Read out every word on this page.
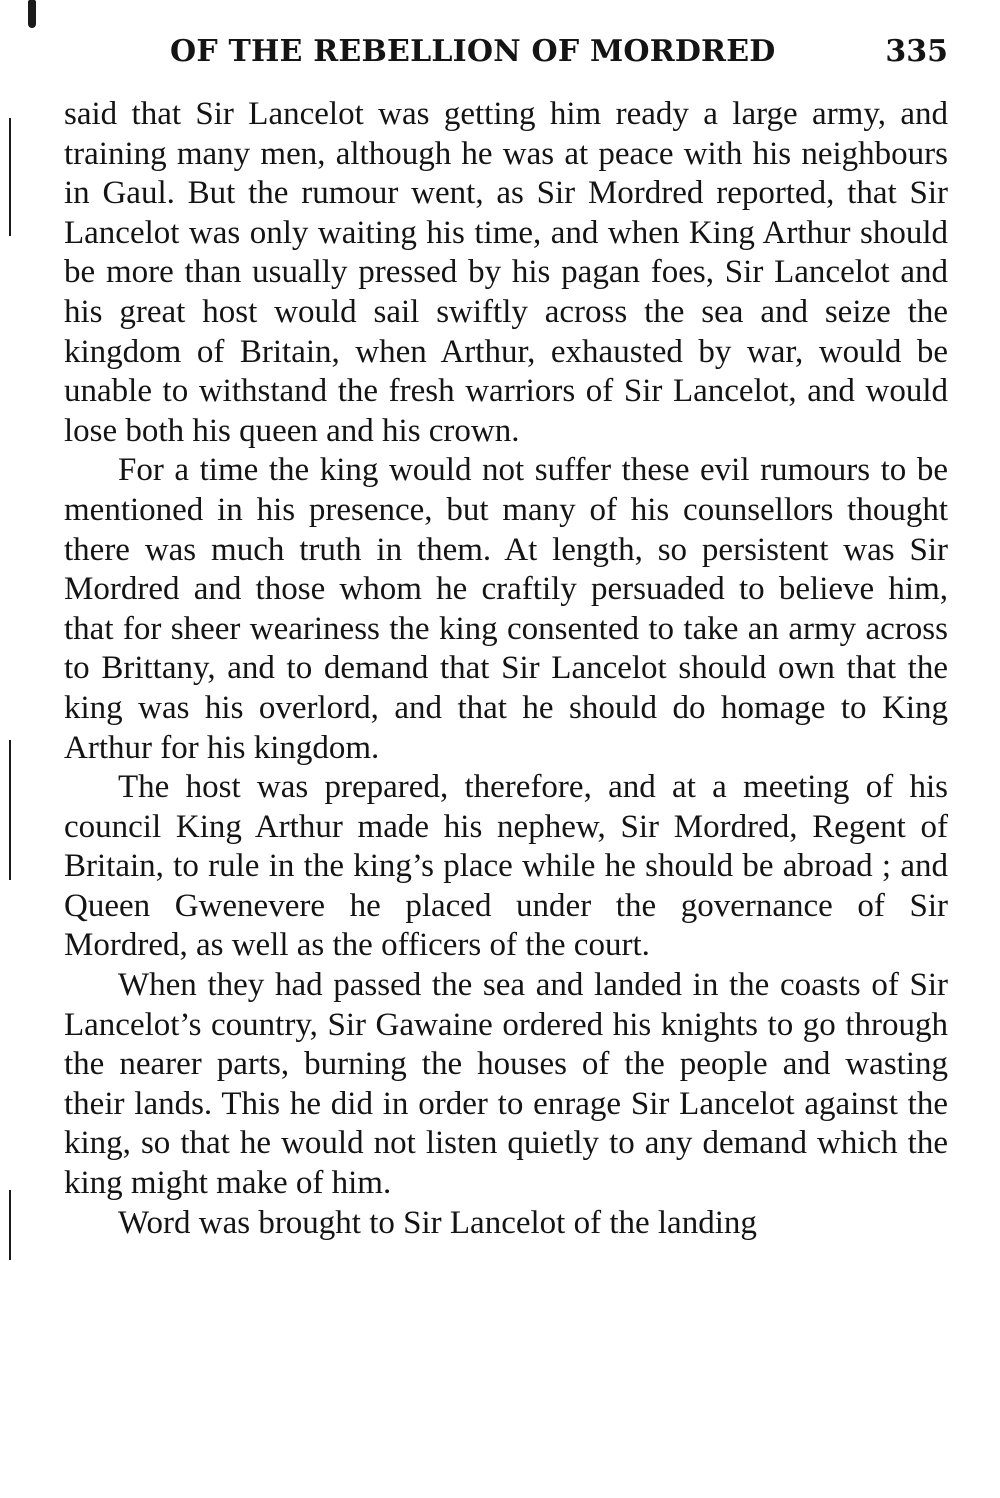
OF THE REBELLION OF MORDRED	335

said that Sir Lancelot was getting him ready a large army, and training many men, although he was at peace with his neighbours in Gaul. But the rumour went, as Sir Mordred reported, that Sir Lancelot was only waiting his time, and when King Arthur should be more than usually pressed by his pagan foes, Sir Lancelot and his great host would sail swiftly across the sea and seize the kingdom of Britain, when Arthur, exhausted by war, would be unable to withstand the fresh warriors of Sir Lancelot, and would lose both his queen and his crown.

For a time the king would not suffer these evil rumours to be mentioned in his presence, but many of his counsellors thought there was much truth in them. At length, so persistent was Sir Mordred and those whom he craftily persuaded to believe him, that for sheer weariness the king consented to take an army across to Brittany, and to demand that Sir Lancelot should own that the king was his overlord, and that he should do homage to King Arthur for his kingdom.

The host was prepared, therefore, and at a meeting of his council King Arthur made his nephew, Sir Mordred, Regent of Britain, to rule in the king’s place while he should be abroad ; and Queen Gwenevere he placed under the governance of Sir Mordred, as well as the officers of the court.

When they had passed the sea and landed in the coasts of Sir Lancelot’s country, Sir Gawaine ordered his knights to go through the nearer parts, burning the houses of the people and wasting their lands. This he did in order to enrage Sir Lancelot against the king, so that he would not listen quietly to any demand which the king might make of him.

Word was brought to Sir Lancelot of the landing
